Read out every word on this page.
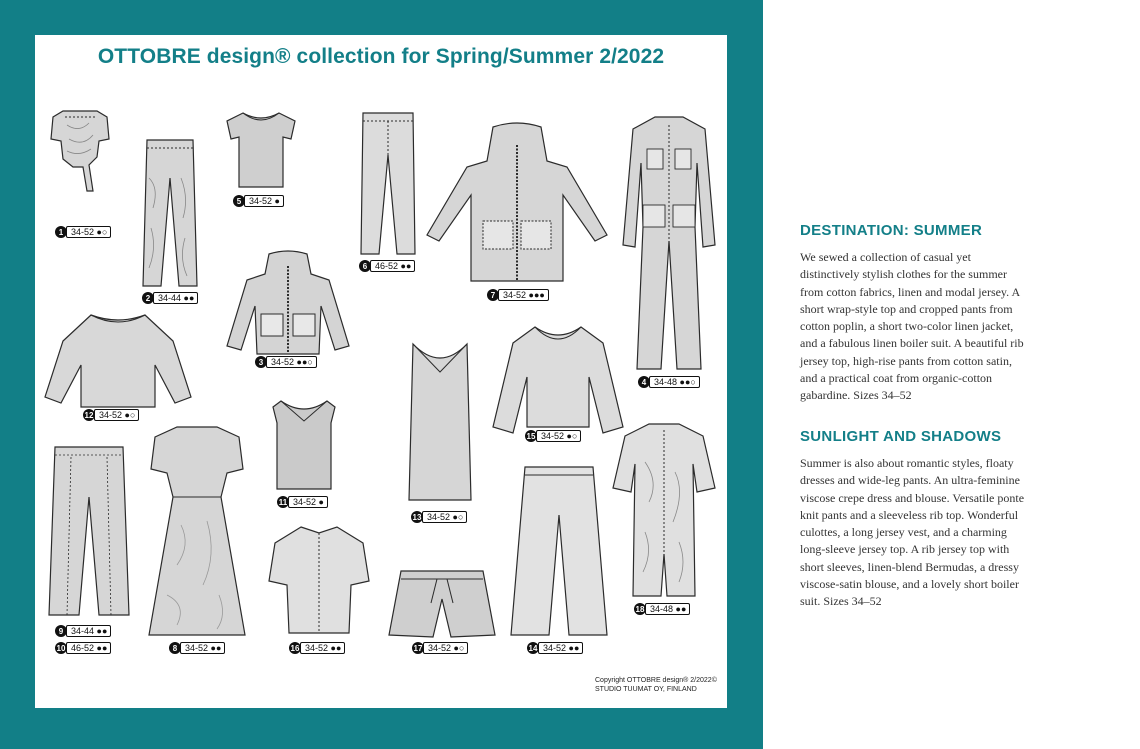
OTTOBRE design® collection for Spring/Summer 2/2022
1 34-52 ●○
2 34-44 ●●
5 34-52 ●
6 46-52 ●●
7 34-52 ●●●
4 34-48 ●●○
3 34-52 ●●○
12 34-52 ●○
11 34-52 ●
13 34-52 ●○
15 34-52 ●○
9 34-44 ●●
10 46-52 ●●	8 34-52 ●●	16 34-52 ●●	17 34-52 ●○	14 34-52 ●●
18 34-48 ●●
Copyright OTTOBRE design® 2/2022©
STUDIO TUUMAT OY, FINLAND
DESTINATION: SUMMER

We sewed a collection of casual yet distinctively stylish clothes for the summer from cotton fabrics, linen and modal jersey. A short wrap-style top and cropped pants from cotton poplin, a short two-color linen jacket, and a fabulous linen boiler suit. A beautiful rib jersey top, high-rise pants from cotton satin, and a practical coat from organic-cotton gabardine. Sizes 34–52

SUNLIGHT AND SHADOWS

Summer is also about romantic styles, floaty dresses and wide-leg pants. An ultra-feminine viscose crepe dress and blouse. Versatile ponte knit pants and a sleeveless rib top. Wonderful culottes, a long jersey vest, and a charming long-sleeve jersey top. A rib jersey top with short sleeves, linen-blend Bermudas, a dressy viscose-satin blouse, and a lovely short boiler suit. Sizes 34–52
